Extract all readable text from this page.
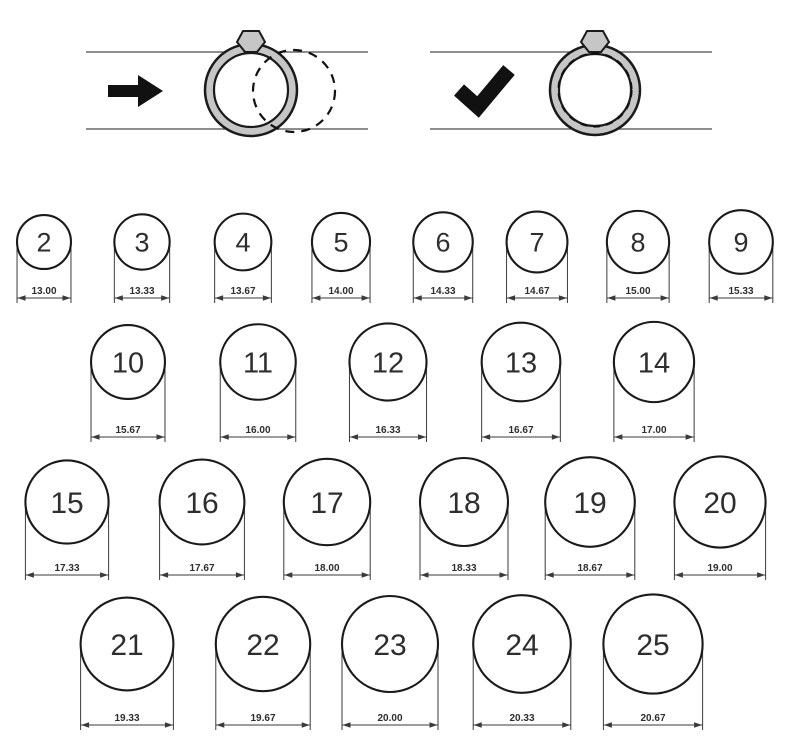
2
13.00
3
13.33
4
13.67
5
14.00
6
14.33
7
14.67
8
15.00
9
15.33
10
15.67
11
16.00
12
16.33
13
16.67
14
17.00
15
17.33
16
17.67
17
18.00
18
18.33
19
18.67
20
19.00
21
19.33
22
19.67
23
20.00
24
20.33
25
20.67
